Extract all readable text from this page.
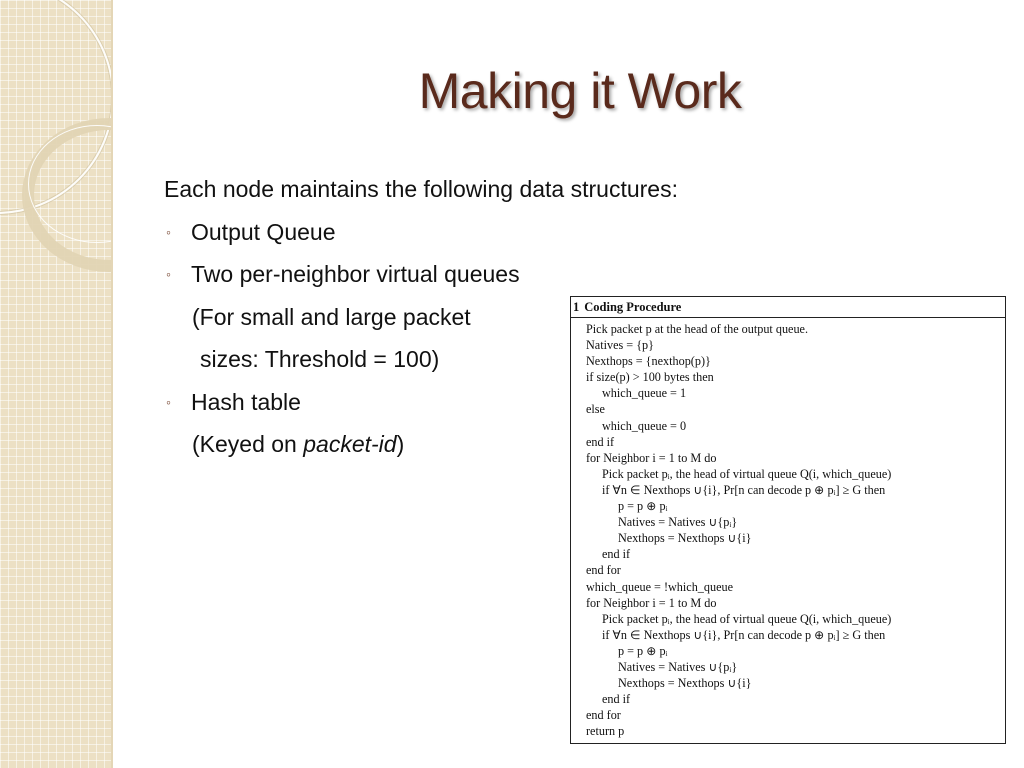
Making it Work
Each node maintains the following data structures:
◦ Output Queue
◦ Two per-neighbor virtual queues
(For small and large packet
sizes: Threshold = 100)
◦ Hash table
(Keyed on packet-id)
1 Coding Procedure
Pick packet p at the head of the output queue.
Natives = {p}
Nexthops = {nexthop(p)}
if size(p) > 100 bytes then
which_queue = 1
else
which_queue = 0
end if
for Neighbor i = 1 to M do
Pick packet pᵢ, the head of virtual queue Q(i, which_queue)
if ∀n ∈ Nexthops ∪{i}, Pr[n can decode p ⊕ pᵢ] ≥ G then
p = p ⊕ pᵢ
Natives = Natives ∪{pᵢ}
Nexthops = Nexthops ∪{i}
end if
end for
which_queue = !which_queue
for Neighbor i = 1 to M do
Pick packet pᵢ, the head of virtual queue Q(i, which_queue)
if ∀n ∈ Nexthops ∪{i}, Pr[n can decode p ⊕ pᵢ] ≥ G then
p = p ⊕ pᵢ
Natives = Natives ∪{pᵢ}
Nexthops = Nexthops ∪{i}
end if
end for
return p
